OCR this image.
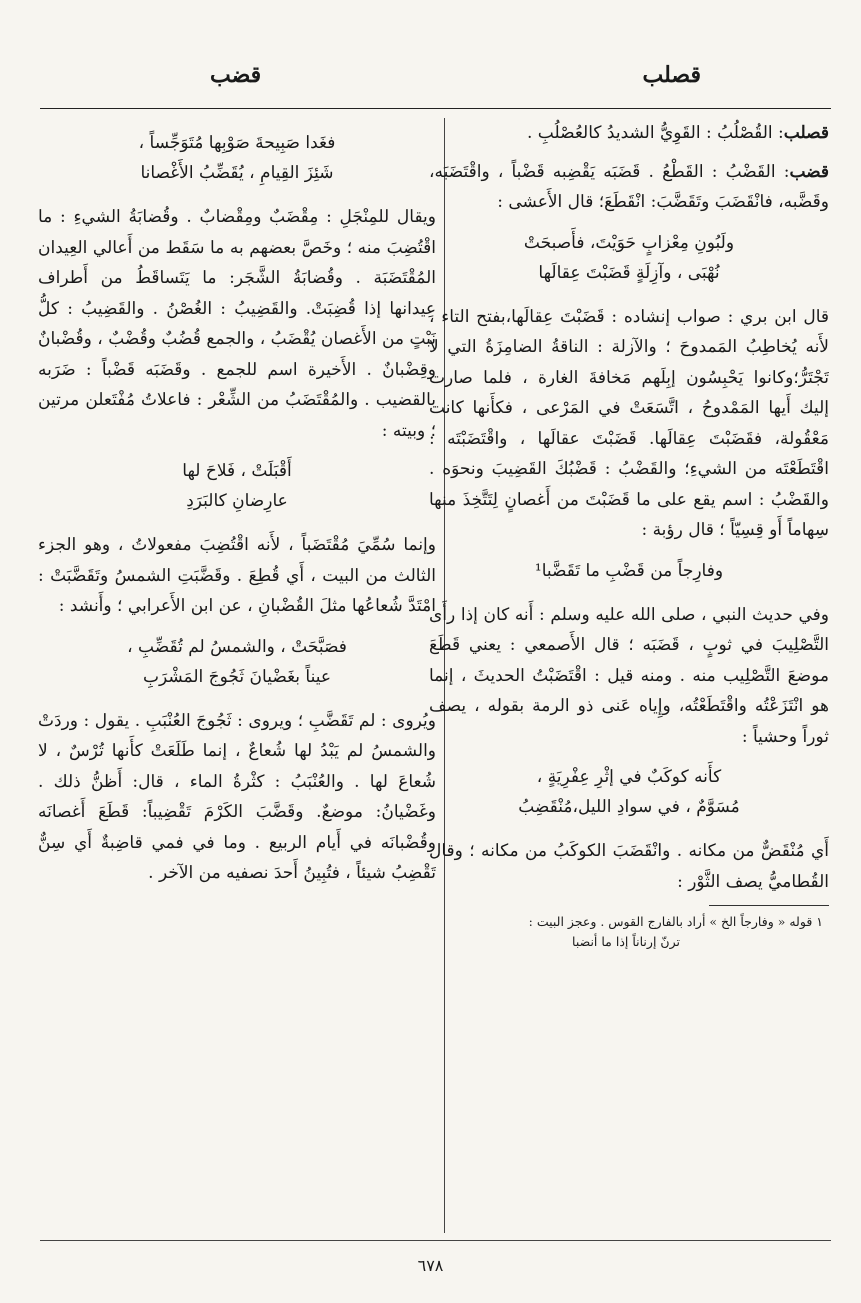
قصلب
قضب

قصلب: القُصْلُبُ : القَوِيُّ الشديدُ كالعُصْلُبِ .

قضب: القَضْبُ : القَطْعُ . قَضَبَه يَقْضِبه قَضْباً ، واقْتَضَبَه، وقَضَّبه، فانْقَضَبَ وتَقَضَّبَ: انْقَطَعَ؛ قال الأَعشى :

ولَبُونِ مِعْزابٍ حَوَيْتَ، فأَصبحَتْ
نُهْبَى ، وآزِلَةٍ قَضَبْتَ عِقالَها

قال ابن بري : صواب إنشاده : قَضَبْتَ عِقالَها،بفتح التاء ، لأَنه يُخاطِبُ المَمدوحَ ؛ والآزلة : الناقةُ الضامِزَةُ التي لا تَجْتَرُّ؛وكانوا يَحْبِسُون إبِلَهم مَخافةَ الغارة ، فلما صارت إليك أَيها المَمْدوحُ ، اتَّسَعَتْ في المَرْعى ، فكأَنها كانت مَعْقُولة، فقَضَبْتَ عِقالَها. قَضَبْتَ عقالَها ، واقْتَضَبْتَه : اقْتَطَعْتَه من الشيءِ؛ والقَضْبُ : قَضْبُكَ القَضِيبَ ونحوَه . والقَضْبُ : اسم يقع على ما قَضَبْتَ من أَغصانٍ لِتَتَّخِذَ منها سِهاماً أَو قِسِيّاً ؛ قال رؤبة :

وفارِجاً من قَضْبِ ما تَقَضَّبا¹

وفي حديث النبي ، صلى الله عليه وسلم : أَنه كان إذا رأَى التَّصْلِيبَ في ثوبٍ ، قَضَبَه ؛ قال الأَصمعي : يعني قَطَعَ موضعَ التَّصْلِيب منه . ومنه قيل : اقْتَضَبْتُ الحديثَ ، إنما هو انْتَزَعْتُه واقْتَطَعْتُه، وإِياه عَنى ذو الرمة بقوله ، يصف ثوراً وحشياً :

كأَنه كوكَبٌ في إثْرِ عِفْرِيَةٍ ،
مُسَوَّمٌ ، في سوادِ الليل،مُنْقَضِبُ

أَي مُنْقَضٌّ من مكانه . وانْقَضَبَ الكوكَبُ من مكانه ؛ وقال القُطاميُّ يصف الثَّوْر :

١ قوله « وفارجاً الخ » أراد بالفارج القوس . وعجز البيت :
ترنّ إرناناً إذا ما أنضبا
فغَدا صَبِيحةَ صَوْبِها مُتَوَجِّساً ،
شَئِزَ القِيامِ ، يُقَضِّبُ الأَغْصانا

ويقال للمِنْجَلِ : مِقْضَبٌ ومِقْضابٌ . وقُضابَةُ الشيءِ : ما اقْتُضِبَ منه ؛ وخَصَّ بعضهم به ما سَقَط من أَعالي العِيدان المُقْتَضَبَة . وقُضابَةُ الشَّجَر: ما يَتَساقَطُ من أَطراف عِيدانها إذا قُضِبَتْ. والقَضِيبُ : الغُصْنُ . والقَضِيبُ : كلُّ نَبْتٍ من الأَغصان يُقْضَبُ ، والجمع قُضُبٌ وقُضْبٌ ، وقُضْبانٌ وقِضْبانٌ . الأَخيرة اسم للجمع . وقَضَبَه قَضْباً : ضَرَبه بالقضيب . والمُقْتَضَبُ من الشِّعْر : فاعلاتُ مُفْتَعلن مرتين ؛ وبيته :

أَقْبَلَتْ ، فَلاحَ لها
عارِضانِ كالبَرَدِ

وإنما سُمِّيَ مُقْتَضَباً ، لأَنه اقْتُضِبَ مفعولاتُ ، وهو الجزء الثالث من البيت ، أَي قُطِعَ . وقَضَّبَتِ الشمسُ وتَقَضَّبَتْ : امْتَدَّ شُعاعُها مثلَ القُضْبانِ ، عن ابن الأَعرابي ؛ وأَنشد :

فصَبَّحَتْ ، والشمسُ لم تُقَضِّبِ ،
عيناً بغَضْيانَ ثَجُوجَ المَشْرَبِ

ويُروى : لم تَقَضَّبِ ؛ ويروى : ثَجُوجَ العُنْبَبِ . يقول : وردَتْ والشمسُ لم يَبْدُ لها شُعاعٌ ، إنما طَلَعَتْ كأَنها تُرْسٌ ، لا شُعاعَ لها . والعُنْبَبُ : كثْرةُ الماء ، قال: أَظنُّ ذلك . وغَضْيانُ: موضعٌ. وقَضَّبَ الكَرْمَ تَقْضِيباً: قَطَعَ أَغصانَه وقُضْبانَه في أَيام الربيع . وما في فمي قاضِبةٌ أَي سِنٌّ تَقْضِبُ شيئاً ، فتُبِينُ أَحدَ نصفيه من الآخر .

٦٧٨
